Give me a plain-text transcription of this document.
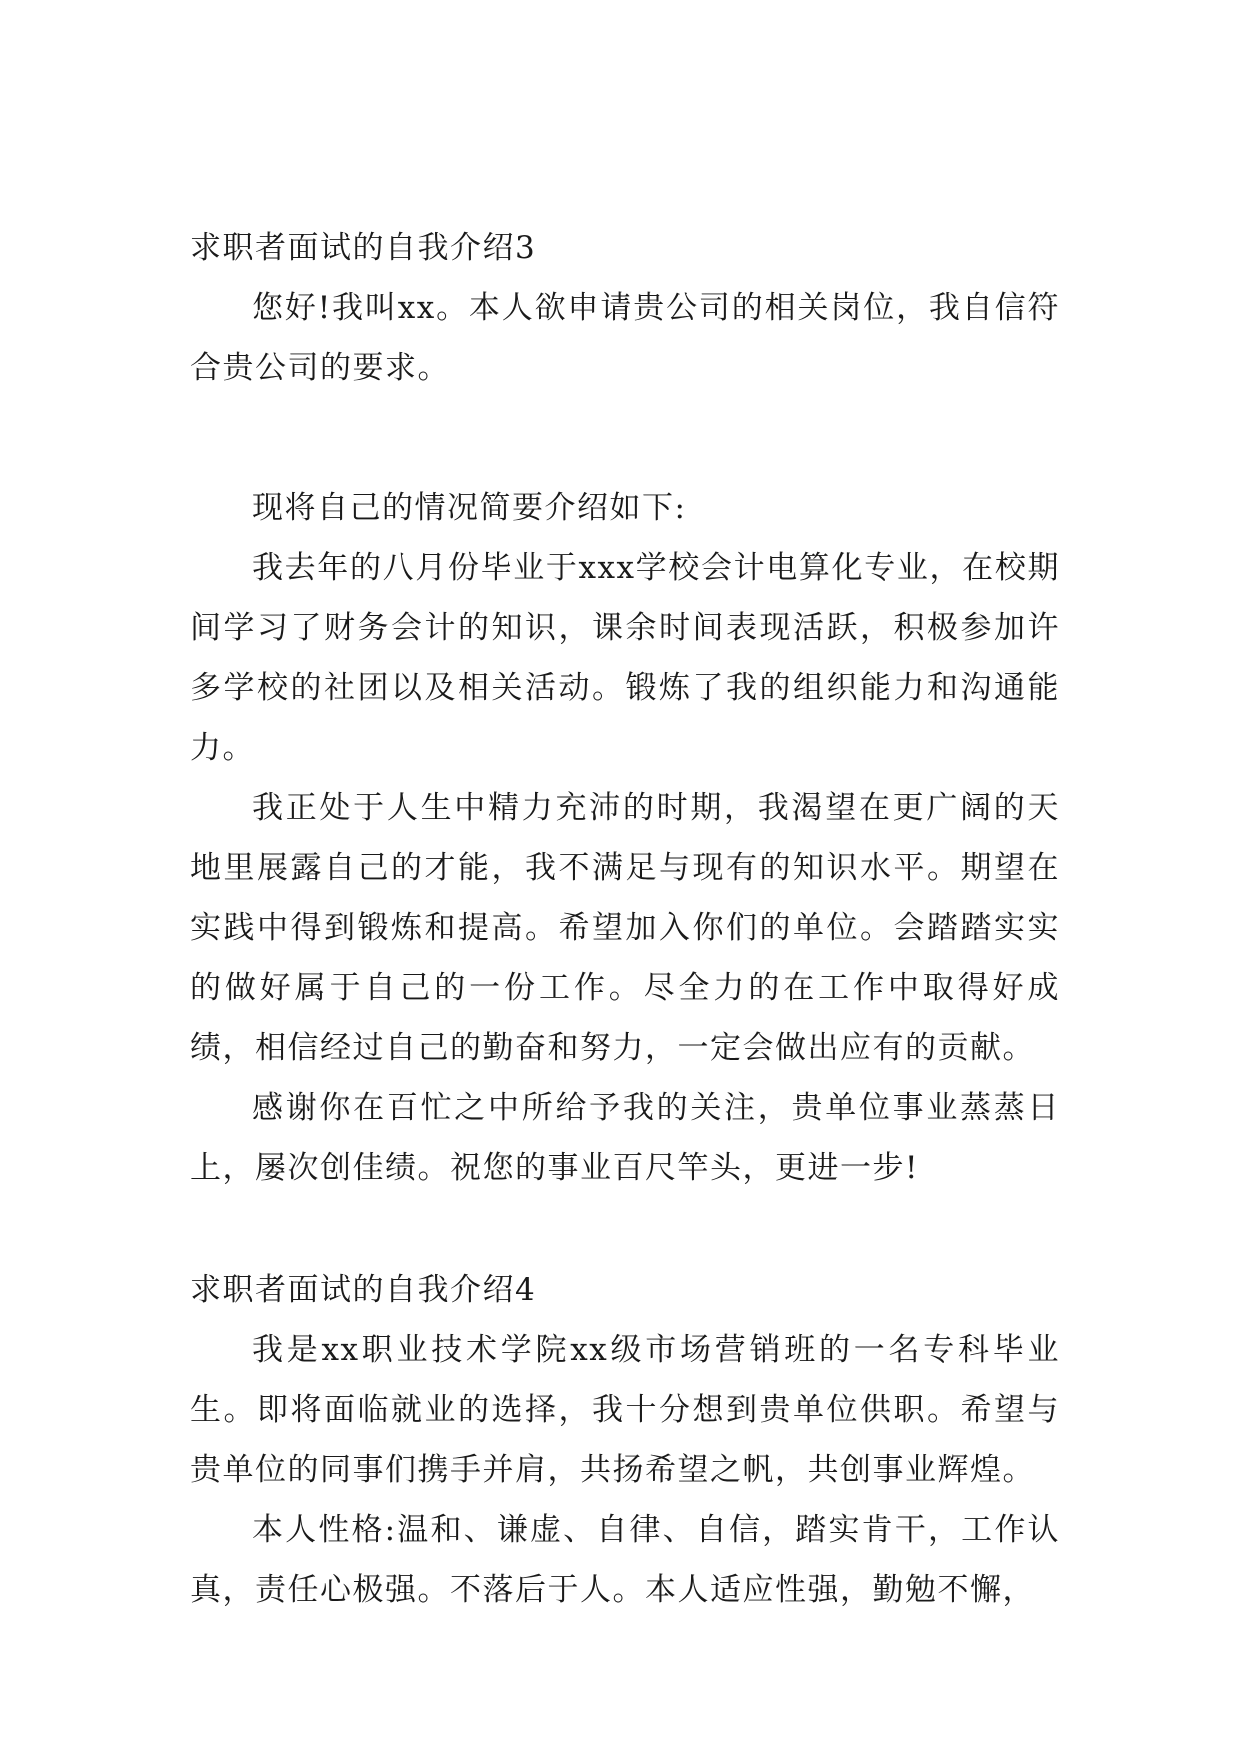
求职者面试的自我介绍3

您好!我叫xx。本人欲申请贵公司的相关岗位，我自信符合贵公司的要求。

现将自己的情况简要介绍如下:

我去年的八月份毕业于xxx学校会计电算化专业，在校期间学习了财务会计的知识，课余时间表现活跃，积极参加许多学校的社团以及相关活动。锻炼了我的组织能力和沟通能力。

我正处于人生中精力充沛的时期，我渴望在更广阔的天地里展露自己的才能，我不满足与现有的知识水平。期望在实践中得到锻炼和提高。希望加入你们的单位。会踏踏实实的做好属于自己的一份工作。尽全力的在工作中取得好成绩，相信经过自己的勤奋和努力，一定会做出应有的贡献。

感谢你在百忙之中所给予我的关注，贵单位事业蒸蒸日上，屡次创佳绩。祝您的事业百尺竿头，更进一步!

求职者面试的自我介绍4

我是xx职业技术学院xx级市场营销班的一名专科毕业生。即将面临就业的选择，我十分想到贵单位供职。希望与贵单位的同事们携手并肩，共扬希望之帆，共创事业辉煌。

本人性格:温和、谦虚、自律、自信，踏实肯干，工作认真，责任心极强。不落后于人。本人适应性强，勤勉不懈，
